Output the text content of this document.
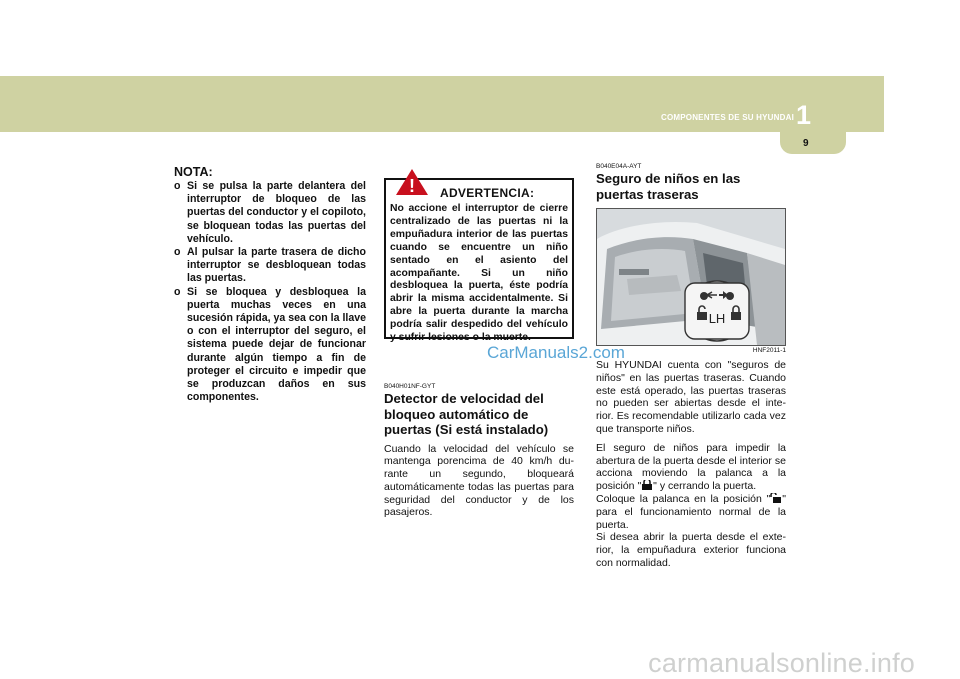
COMPONENTES DE SU HYUNDAI 1
9
NOTA:
o Si se pulsa la parte delantera del interruptor de bloqueo de las puertas del conductor y el copiloto, se bloquean todas las puertas del vehículo.
o Al pulsar la parte trasera de dicho interruptor se desbloquean todas las puertas.
o Si se bloquea y desbloquea la puerta muchas veces en una sucesión rápida, ya sea con la llave o con el interruptor del seguro, el sistema puede dejar de funcionar durante algún tiempo a fin de proteger el circuito e impedir que se produzcan daños en sus componentes.
! ADVERTENCIA:

No accione el interruptor de cierre centralizado de las puertas ni la empuñadura interior de las puertas cuando se encuentre un niño sentado en el asiento del acompañante. Si un niño desbloquea la puerta, éste podría abrir la misma accidentalmente. Si abre la puerta durante la marcha podría salir despedido del vehículo y sufrir lesiones o la muerte.

B040H01NF-GYT
Detector de velocidad del bloqueo automático de puertas (Si está instalado)

Cuando la velocidad del vehículo se mantenga porencima de 40 km/h du-rante un segundo, bloqueará automáticamente todas las puertas para seguridad del conductor y de los pasajeros.

B040E04A-AYT
Seguro de niños en las puertas traseras
LH
HNF2011-1

Su HYUNDAI cuenta con "seguros de niños" en las puertas traseras. Cuando este está operado, las puertas traseras no pueden ser abiertas desde el inte-rior. Es recomendable utilizarlo cada vez que transporte niños.

El seguro de niños para impedir la abertura de la puerta desde el interior se acciona moviendo la palanca a la posición " " y cerrando la puerta.

Coloque la palanca en la posición " " para el funcionamiento normal de la puerta.

Si desea abrir la puerta desde el exte-rior, la empuñadura exterior funciona con normalidad.

CarManuals2.com
carmanualsonline.info
